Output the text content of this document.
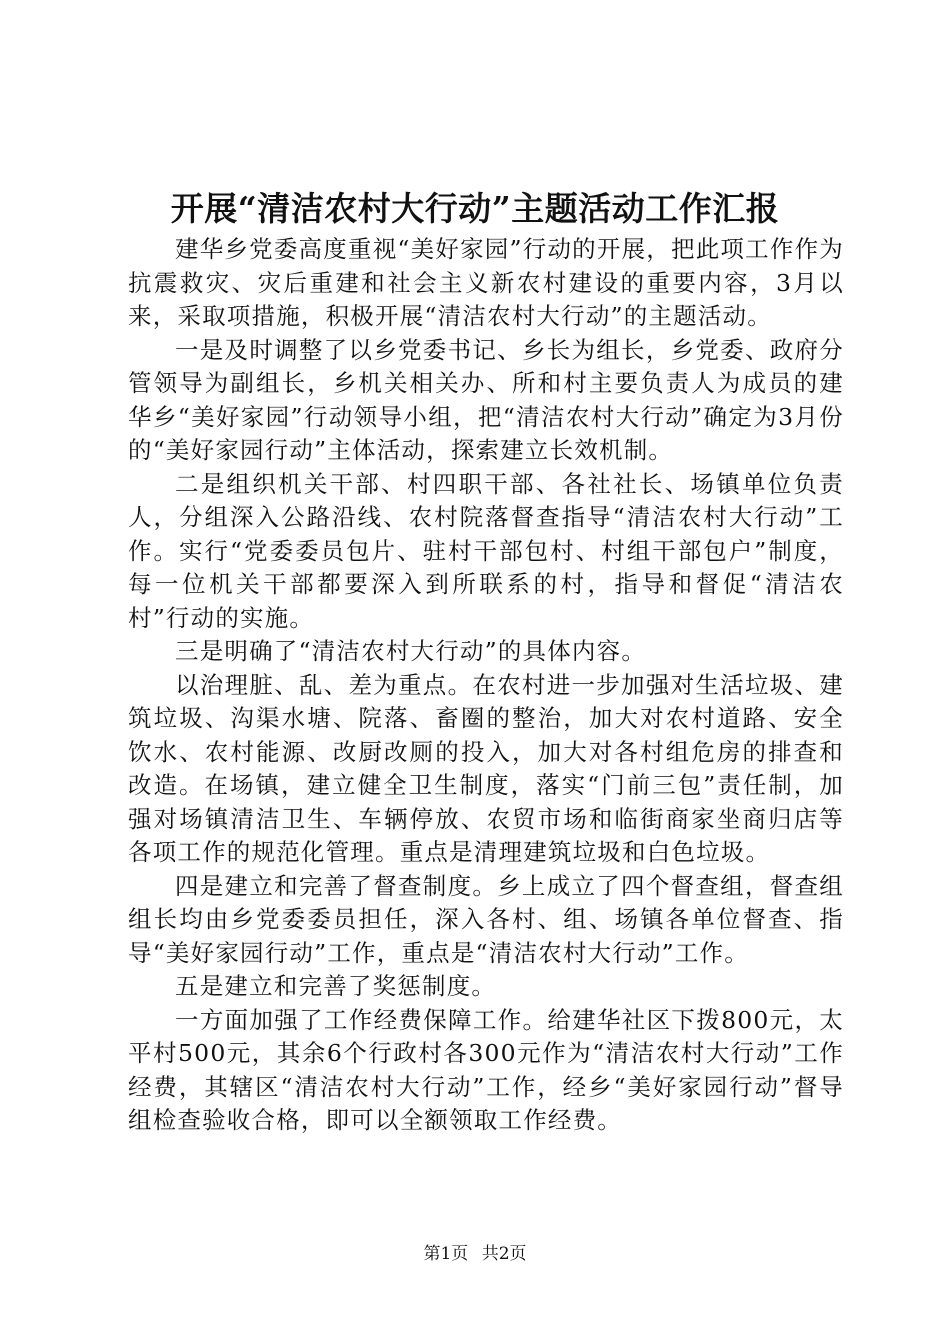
开展“清洁农村大行动”主题活动工作汇报

建华乡党委高度重视“美好家园”行动的开展，把此项工作作为抗震救灾、灾后重建和社会主义新农村建设的重要内容，3月以来，采取项措施，积极开展“清洁农村大行动”的主题活动。

一是及时调整了以乡党委书记、乡长为组长，乡党委、政府分管领导为副组长，乡机关相关办、所和村主要负责人为成员的建华乡“美好家园”行动领导小组，把“清洁农村大行动”确定为3月份的“美好家园行动”主体活动，探索建立长效机制。

二是组织机关干部、村四职干部、各社社长、场镇单位负责人，分组深入公路沿线、农村院落督查指导“清洁农村大行动”工作。实行“党委委员包片、驻村干部包村、村组干部包户”制度，每一位机关干部都要深入到所联系的村，指导和督促“清洁农村”行动的实施。

三是明确了“清洁农村大行动”的具体内容。

以治理脏、乱、差为重点。在农村进一步加强对生活垃圾、建筑垃圾、沟渠水塘、院落、畜圈的整治，加大对农村道路、安全饮水、农村能源、改厨改厕的投入，加大对各村组危房的排查和改造。在场镇，建立健全卫生制度，落实“门前三包”责任制，加强对场镇清洁卫生、车辆停放、农贸市场和临街商家坐商归店等各项工作的规范化管理。重点是清理建筑垃圾和白色垃圾。

四是建立和完善了督查制度。乡上成立了四个督查组，督查组组长均由乡党委委员担任，深入各村、组、场镇各单位督查、指导“美好家园行动”工作，重点是“清洁农村大行动”工作。

五是建立和完善了奖惩制度。

一方面加强了工作经费保障工作。给建华社区下拨800元，太平村500元，其余6个行政村各300元作为“清洁农村大行动”工作经费，其辖区“清洁农村大行动”工作，经乡“美好家园行动”督导组检查验收合格，即可以全额领取工作经费。

第1页 共2页
